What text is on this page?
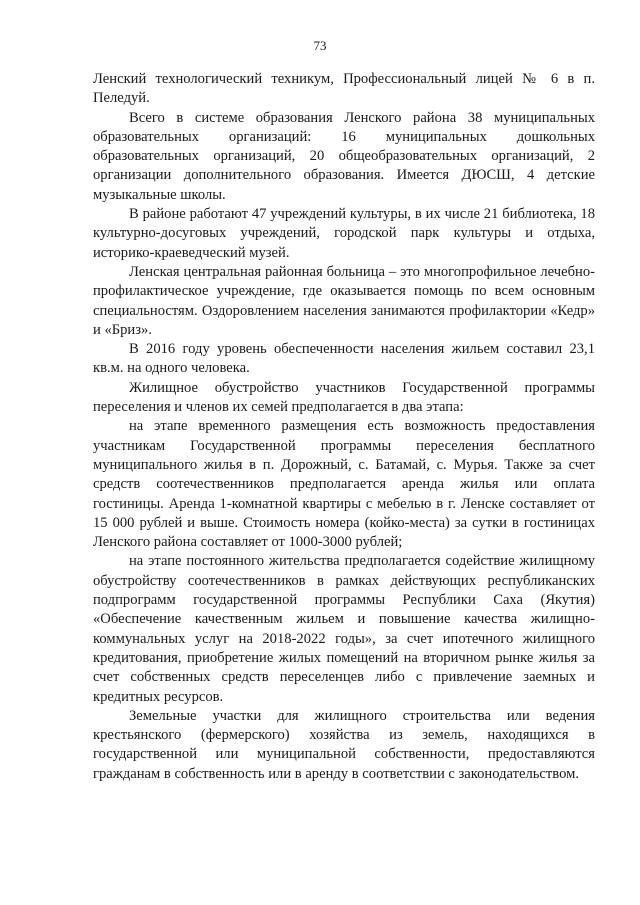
73

Ленский технологический техникум, Профессиональный лицей № 6 в п. Пеледуй.

Всего в системе образования Ленского района 38 муниципальных образовательных организаций: 16 муниципальных дошкольных образовательных организаций, 20 общеобразовательных организаций, 2 организации дополнительного образования. Имеется ДЮСШ, 4 детские музыкальные школы.

В районе работают 47 учреждений культуры, в их числе 21 библиотека, 18 культурно-досуговых учреждений, городской парк культуры и отдыха, историко-краеведческий музей.

Ленская центральная районная больница – это многопрофильное лечебно-профилактическое учреждение, где оказывается помощь по всем основным специальностям. Оздоровлением населения занимаются профилактории «Кедр» и «Бриз».

В 2016 году уровень обеспеченности населения жильем составил 23,1 кв.м. на одного человека.

Жилищное обустройство участников Государственной программы переселения и членов их семей предполагается в два этапа:

на этапе временного размещения есть возможность предоставления участникам Государственной программы переселения бесплатного муниципального жилья в п. Дорожный, с. Батамай, с. Мурья. Также за счет средств соотечественников предполагается аренда жилья или оплата гостиницы. Аренда 1-комнатной квартиры с мебелью в г. Ленске составляет от 15 000 рублей и выше. Стоимость номера (койко-места) за сутки в гостиницах Ленского района составляет от 1000-3000 рублей;

на этапе постоянного жительства предполагается содействие жилищному обустройству соотечественников в рамках действующих республиканских подпрограмм государственной программы Республики Саха (Якутия) «Обеспечение качественным жильем и повышение качества жилищно-коммунальных услуг на 2018-2022 годы», за счет ипотечного жилищного кредитования, приобретение жилых помещений на вторичном рынке жилья за счет собственных средств переселенцев либо с привлечение заемных и кредитных ресурсов.

Земельные участки для жилищного строительства или ведения крестьянского (фермерского) хозяйства из земель, находящихся в государственной или муниципальной собственности, предоставляются гражданам в собственность или в аренду в соответствии с законодательством.
